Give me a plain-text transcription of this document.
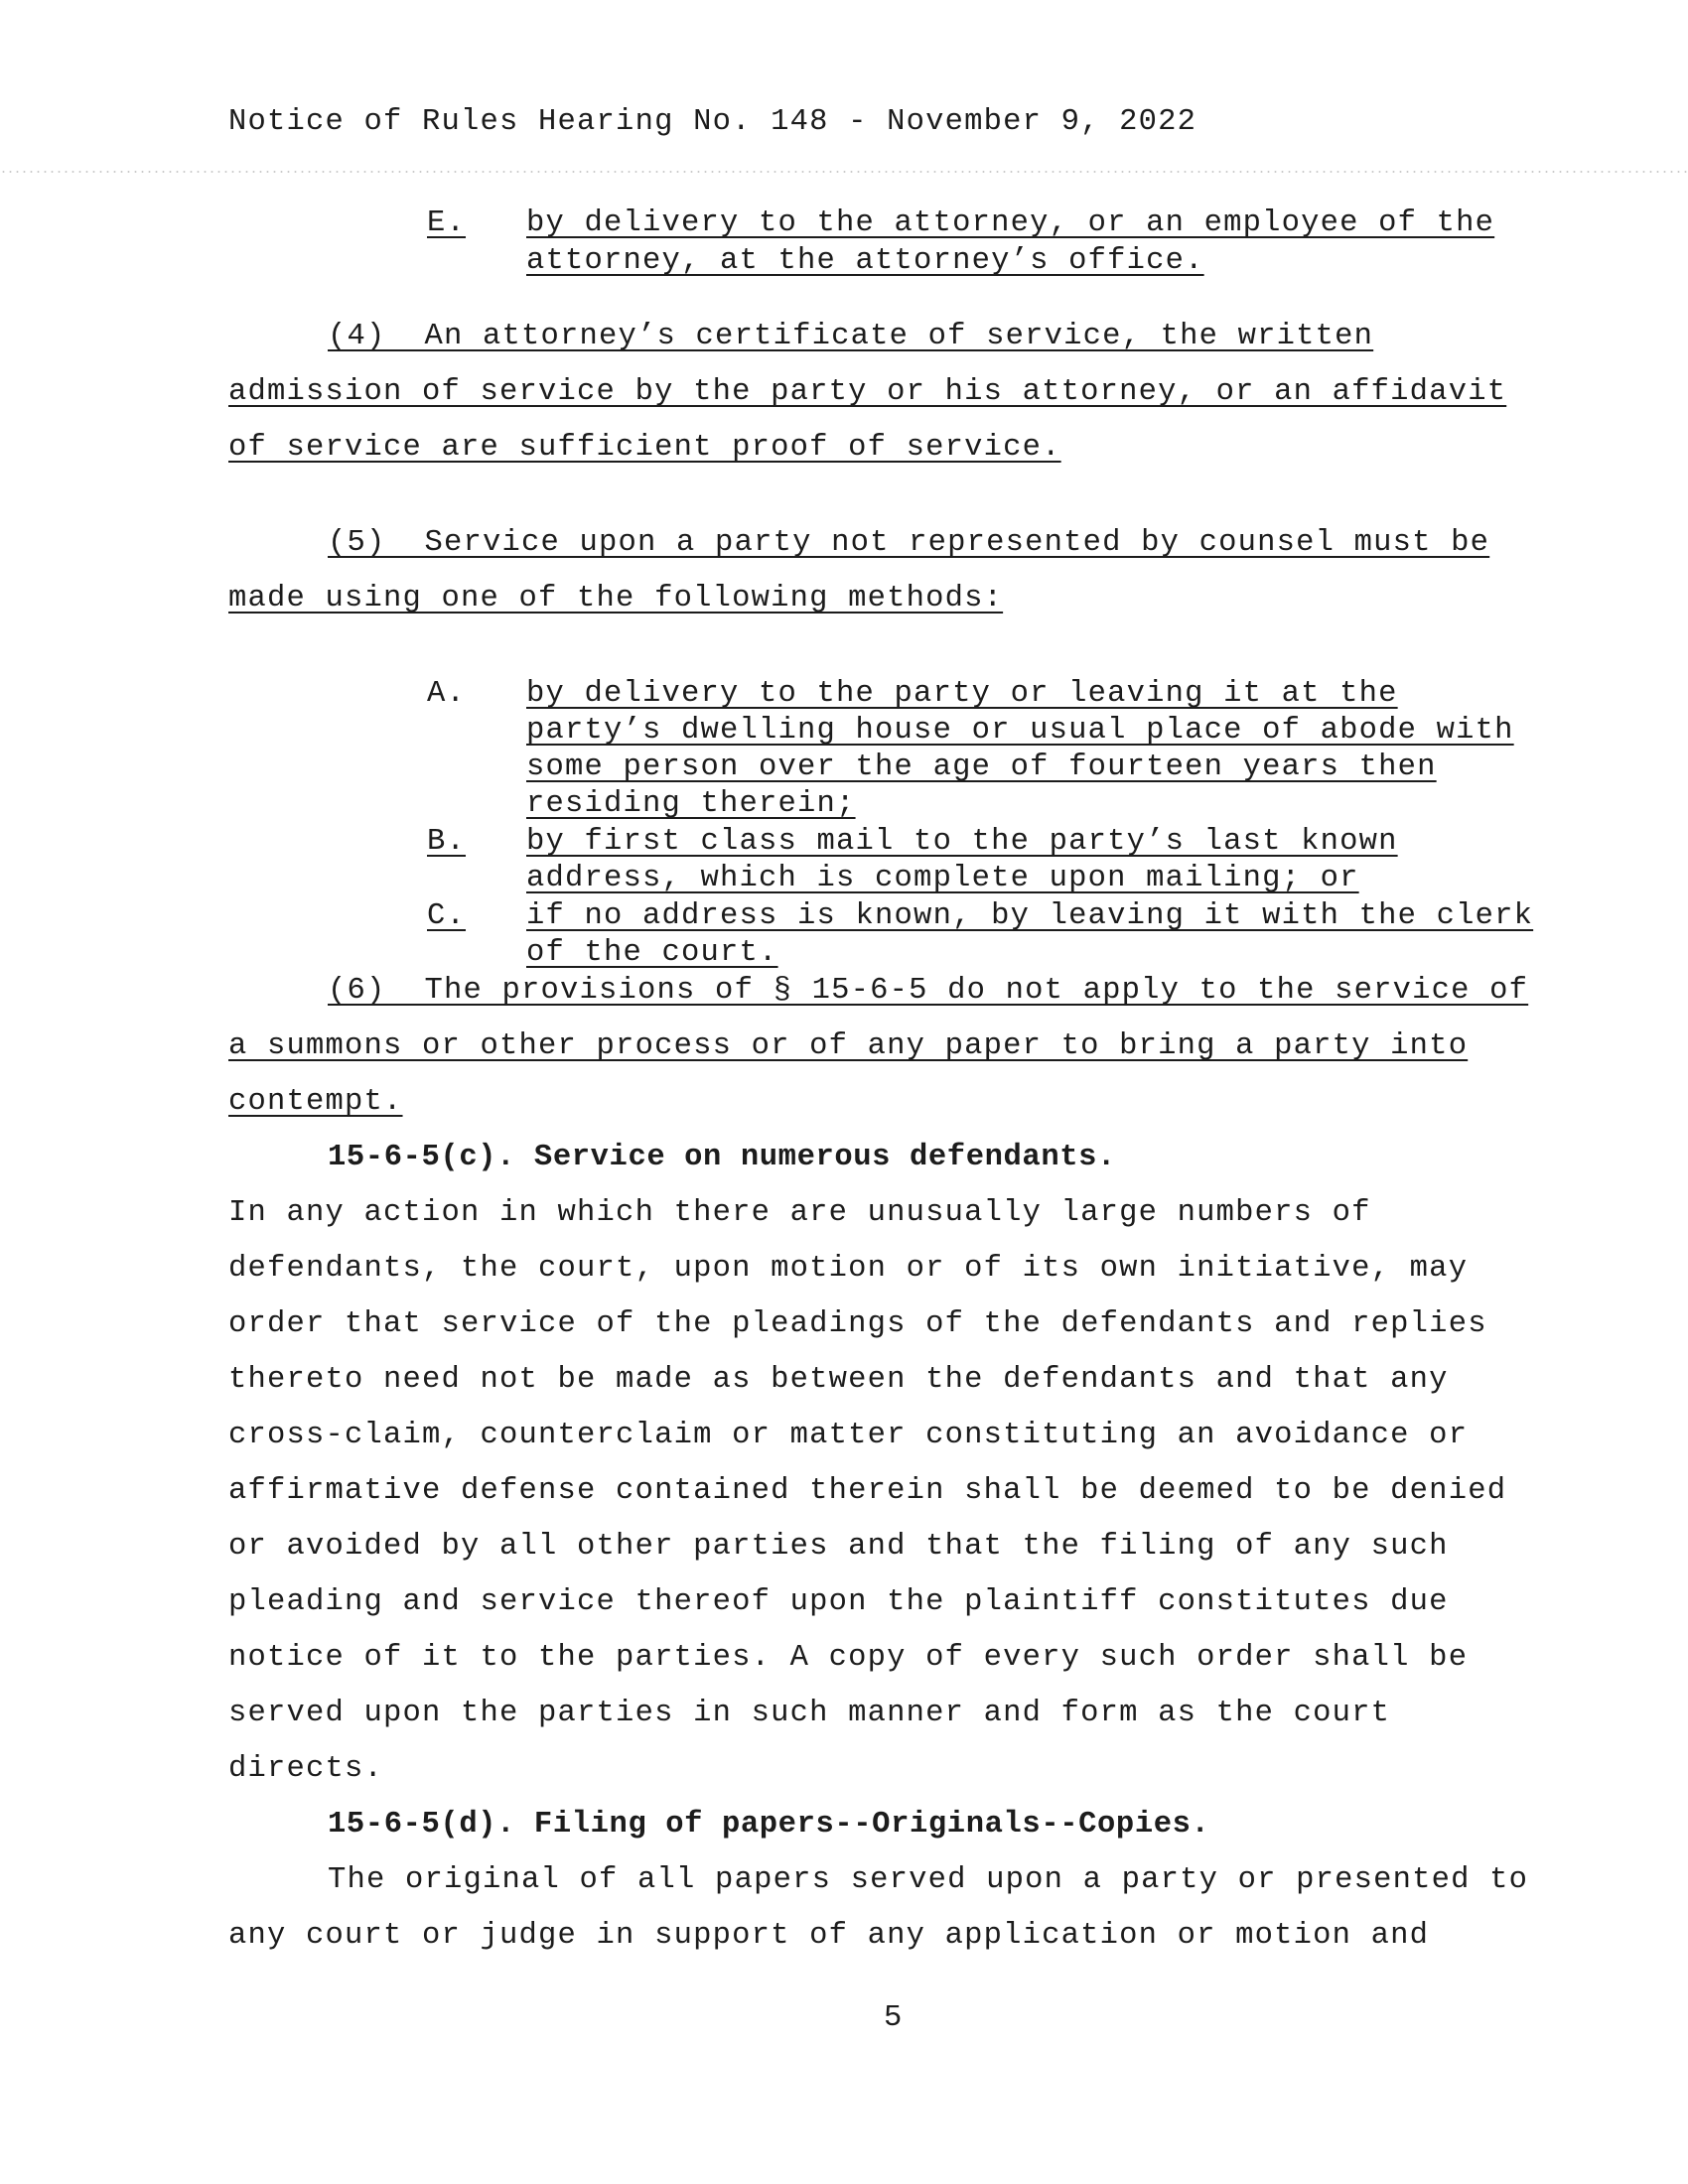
Notice of Rules Hearing No. 148 - November 9, 2022
E. by delivery to the attorney, or an employee of the
attorney, at the attorney’s office.
(4)  An attorney’s certificate of service, the written
admission of service by the party or his attorney, or an affidavit
of service are sufficient proof of service.
(5)  Service upon a party not represented by counsel must be
made using one of the following methods:
A. by delivery to the party or leaving it at the
party’s dwelling house or usual place of abode with
some person over the age of fourteen years then
residing therein;
B. by first class mail to the party’s last known
address, which is complete upon mailing; or
C. if no address is known, by leaving it with the clerk
of the court.
(6)  The provisions of § 15-6-5 do not apply to the service of
a summons or other process or of any paper to bring a party into
contempt.
15-6-5(c). Service on numerous defendants.
In any action in which there are unusually large numbers of
defendants, the court, upon motion or of its own initiative, may
order that service of the pleadings of the defendants and replies
thereto need not be made as between the defendants and that any
cross-claim, counterclaim or matter constituting an avoidance or
affirmative defense contained therein shall be deemed to be denied
or avoided by all other parties and that the filing of any such
pleading and service thereof upon the plaintiff constitutes due
notice of it to the parties. A copy of every such order shall be
served upon the parties in such manner and form as the court
directs.
15-6-5(d). Filing of papers--Originals--Copies.
The original of all papers served upon a party or presented to
any court or judge in support of any application or motion and
5
